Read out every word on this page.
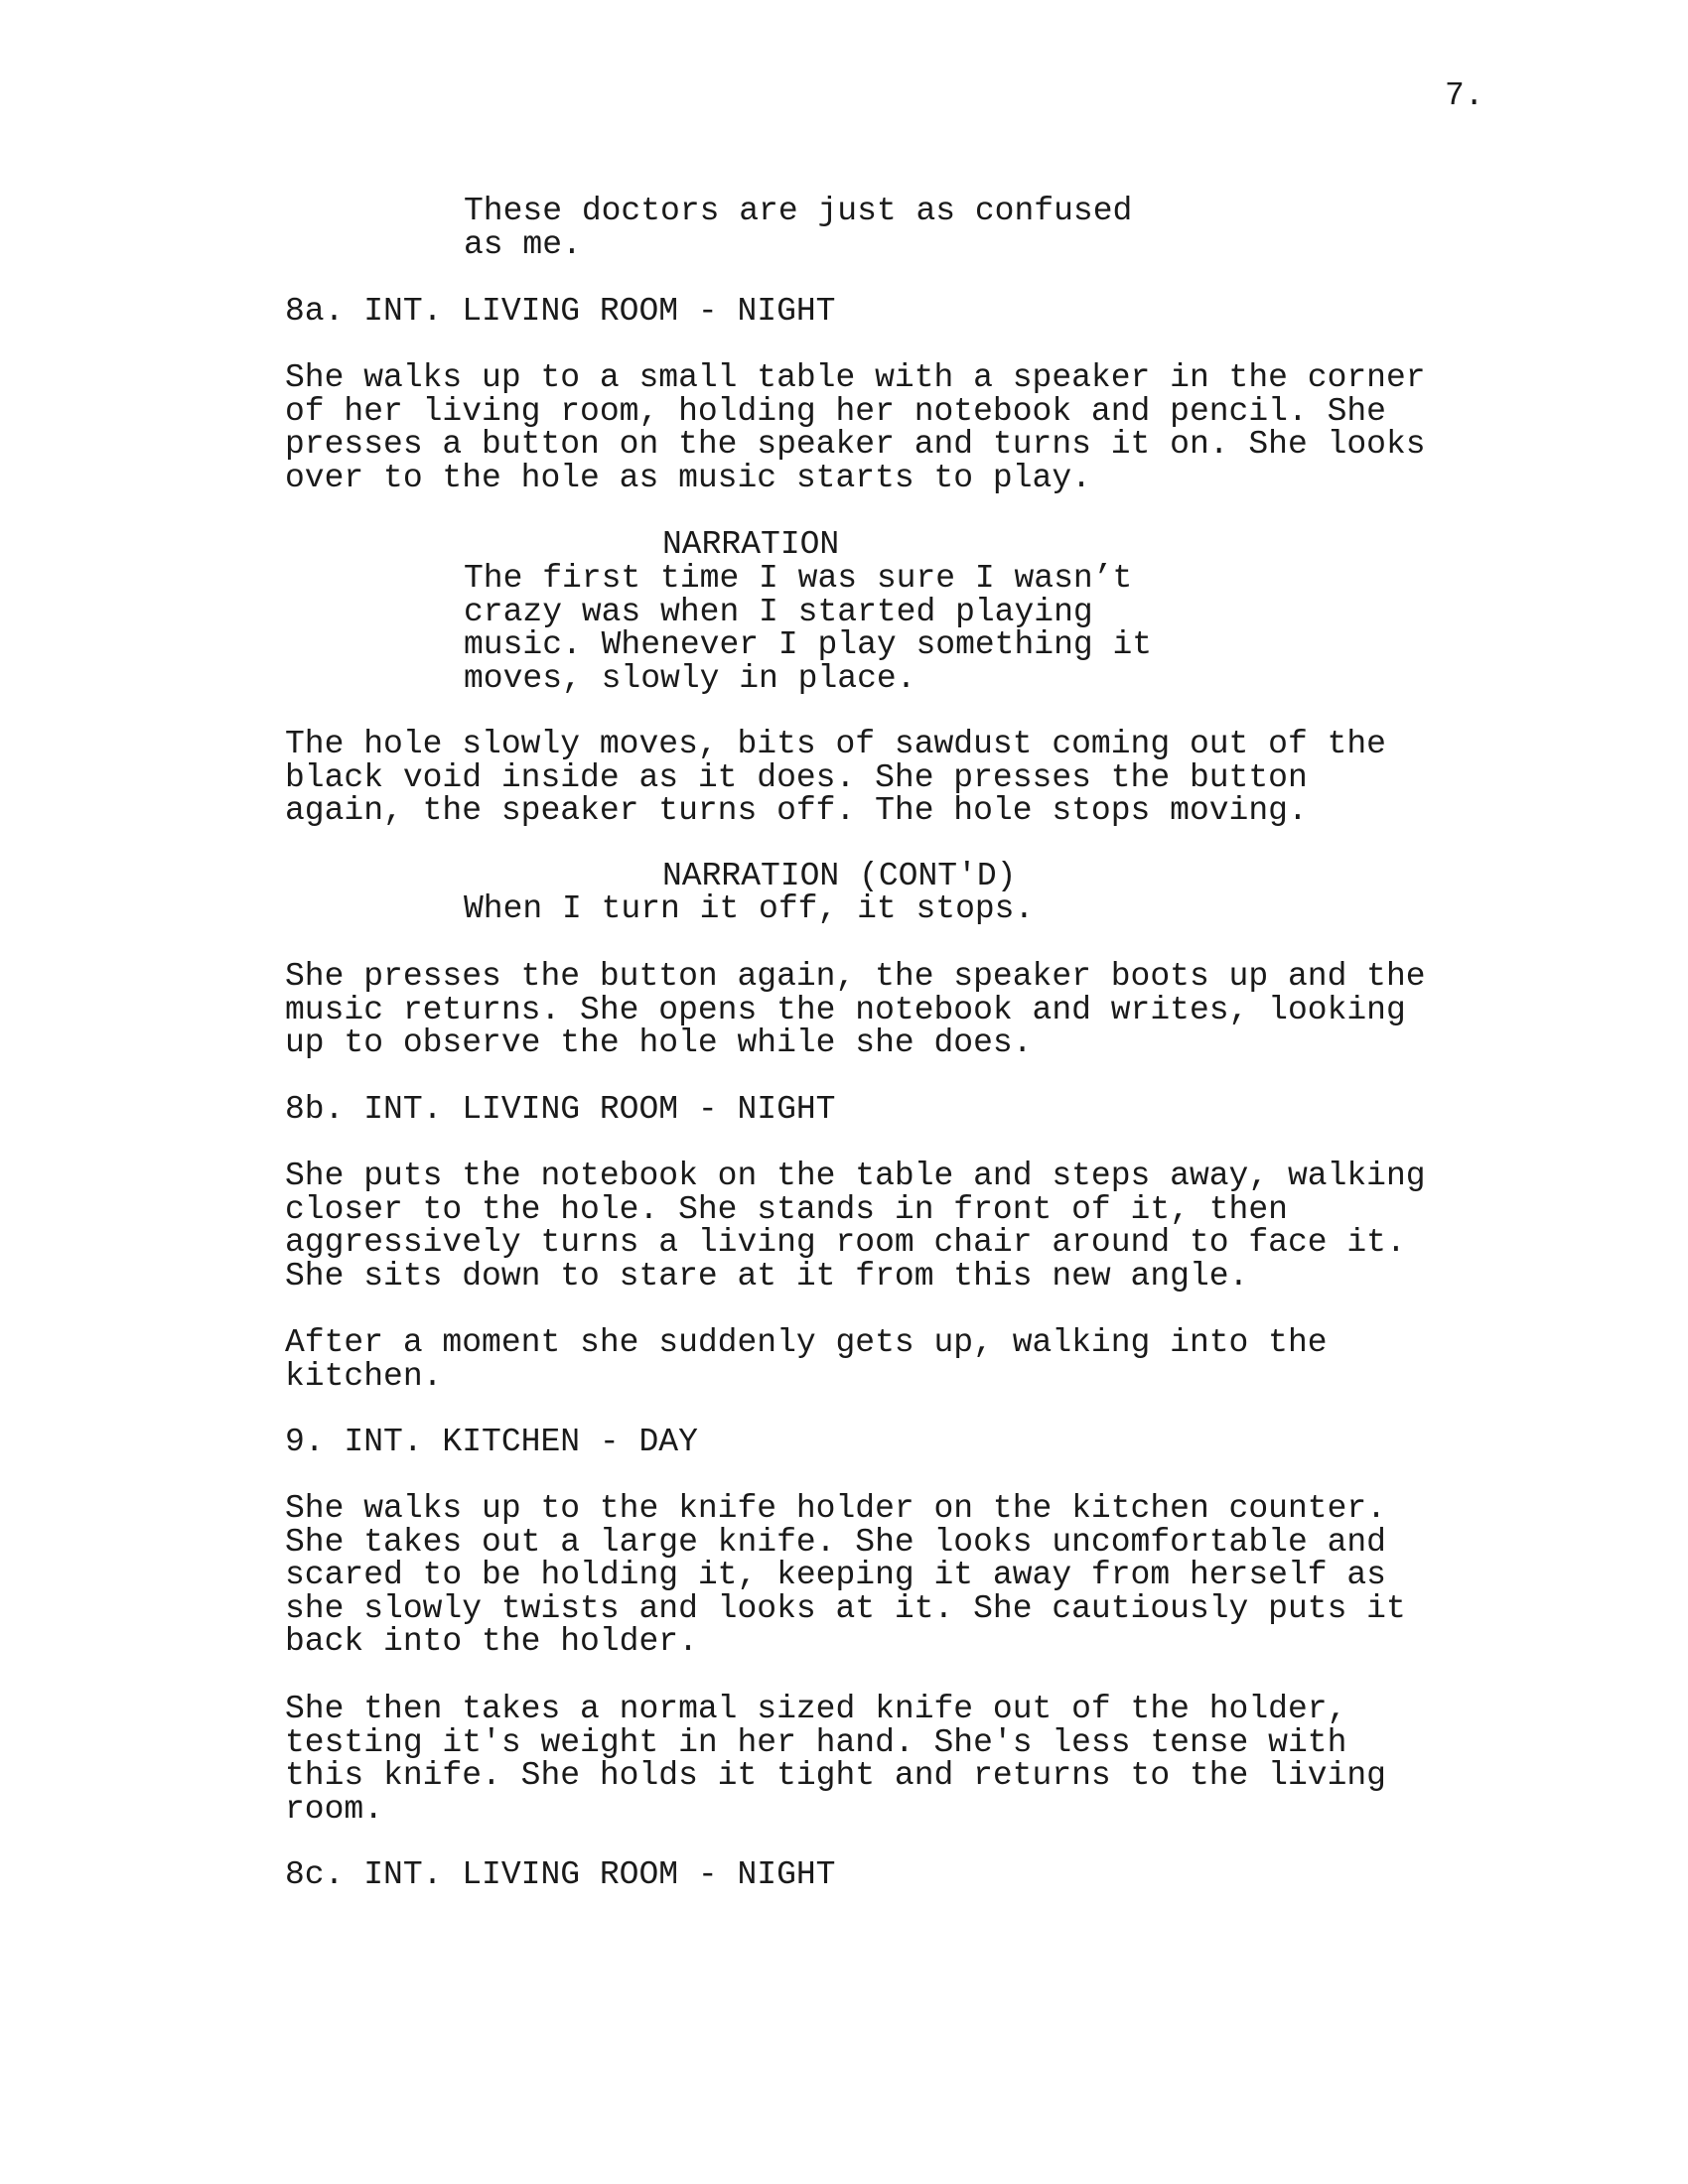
7.

These doctors are just as confused
as me.

8a. INT. LIVING ROOM - NIGHT

She walks up to a small table with a speaker in the corner
of her living room, holding her notebook and pencil. She
presses a button on the speaker and turns it on. She looks
over to the hole as music starts to play.

NARRATION

The first time I was sure I wasn’t
crazy was when I started playing
music. Whenever I play something it
moves, slowly in place.

The hole slowly moves, bits of sawdust coming out of the
black void inside as it does. She presses the button
again, the speaker turns off. The hole stops moving.

NARRATION (CONT'D)

When I turn it off, it stops.

She presses the button again, the speaker boots up and the
music returns. She opens the notebook and writes, looking
up to observe the hole while she does.

8b. INT. LIVING ROOM - NIGHT

She puts the notebook on the table and steps away, walking
closer to the hole. She stands in front of it, then
aggressively turns a living room chair around to face it.
She sits down to stare at it from this new angle.

After a moment she suddenly gets up, walking into the
kitchen.

9. INT. KITCHEN - DAY

She walks up to the knife holder on the kitchen counter.
She takes out a large knife. She looks uncomfortable and
scared to be holding it, keeping it away from herself as
she slowly twists and looks at it. She cautiously puts it
back into the holder.

She then takes a normal sized knife out of the holder,
testing it's weight in her hand. She's less tense with
this knife. She holds it tight and returns to the living
room.

8c. INT. LIVING ROOM - NIGHT
